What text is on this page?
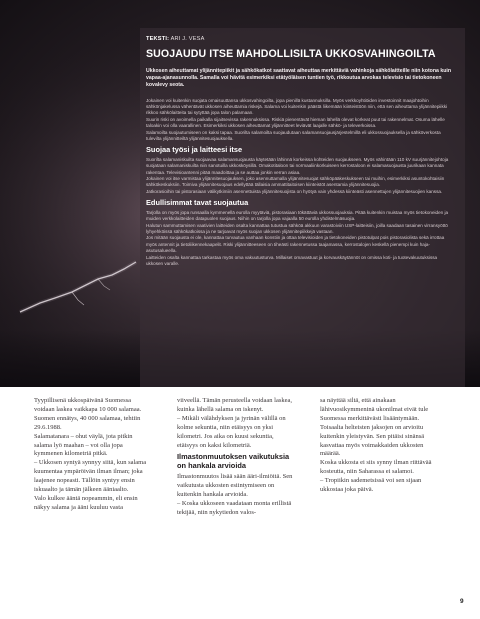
TEKSTI: ARI J. VESA
SUOJAUDU ITSE MAHDOLLISILTA UKKOSVAHINGOILTA
Ukkosen aiheuttamat ylijännitepiikit ja sähkökatkot saattavat aiheuttaa merkittäviä vahinkoja sähkölaitteille niin kotona kuin vapaa-ajanasunnolla. Samalla voi hävitä esimerkiksi etätyöläisen tuntien työ, rikkoutua arvokas televisio tai tietokoneen kovalevy seota.

Jokainen voi kuitenkin suojata omaisuuttansa ukkosvahingoilta, jopa pienillä kustannuksilla. Myös verkkoyhtiöiden investoinnit maajohtoihin sähkönjakelussa vähentävät ukkosen aiheuttamia riskejä. Salama voi kuitenkin päästä liikemään kiinteistöön niin, että sen aiheuttama ylijännitepiikki rikkoo sähkölaitteita tai sytyttää jopa talon palamaan.

Suurin riski on avoimella paikalla sijaitsevissa rakennuksissa. Riskiä pienentävät hieman lähellä olevat korkeat puut tai rakennelmat. Osuma lähelle taloakin voi olla vaarallinen. Esimerkiksi ukkosen aiheuttamat ylijännitteet leviävät laajalle sähkö- ja televerkoissa.

Salamoilta suojautumiseen on kaksi tapaa. Suorilta salamoilta suojaudutaan salamansuojausjärjestelmillä eli ukkossuojauksella ja sähköverkosta tulevilta ylijännitteiltä ylijännitesuojauksella.

Suojaa työsi ja laitteesi itse

Suorilta salamaniskuilta suojaavaa salamansuojausta käytetään lähinnä korkeissa kohteiden suojaukseen. Myös vähintään 110 kV suurjännitejohtoja suojataan salamaniskuilta niin sanotuilla ukkosköysillä. Omakotitaloon tai normaaliinkorkuiseen kerrostaloon ei salamasuojausta juurikaan kannata rakentaa. Televisioantenni pitää maadoittaa ja se auttaa jonkin verran asiaa.

Jokainen voi itse varmistaa ylijännitesuojauksen, joko asennuttamalla ylijännitesuojat sähköpääkeskukseen tai muihin, esimerkiksi asuntokohtaisiin sähkökeskuksiin. Toimiva ylijännitesuojaus edellyttää tällaisia ammattitaitoisen kiinteistöt asentamia ylijännitesuojia.

Jatkorasioihin tai pistorasiaan välikytkimiin asennettuista ylijännitesuojista on hyötyä vain yhdessä kiinteästi asennettujen ylijännitesuojien kanssa.

Edullisimmat tavat suojautua

Tarjolla on myös jopa runsaalla kymmenellä eurolla myytäviä, pistorasiaan tökättäviä ukkossuojauksia. Pitää kuitenkin muistaa myös tietokoneiden ja muiden verkkolaitteiden datapuolen suojaus. Niihin on tarjolla jopa vajaalla 50 eurolla yhdistelmäsuojia.

Halutun sammuttamisen vaativien laitteiden osalta kannattaa tutustua sähköä akkuun varastoiviin USP-laitteisiin, joilla saadaan tasainen virransyöttö lyhyehköissä sähkökatkoissa ja ne tarjoavat myös suojan ukkosen ylijännitepiikkejä vastaan.

Jos mitään suojausta ei ole, kannattaa turvautua vanhaan konstiin ja ottaa televisioiden ja tietokoneiden pistotulpat pois pistorasiolista sekä irrottaa myös antennit ja tietoliikennekaapelit. Riski ylijännitteeseen on tiheästi rakennetussa taajamassa, kerrostalojen keskellä pienempi kuin haja-asutusalueella.

Laitteiden osalta kannattaa tarkastaa myös oma vakuutusturva. Millaiset omavastuut ja korvauskäytännöt on omissa koti- ja tuotevakuutuksissa ukkosen varalle.

Tyypillisenä ukkospäivänä Suomessa voidaan laskea vaikkapa 10 000 salamaa. Suomen ennätys, 40 000 salamaa, tehtiin 29.6.1988.

Salamatanara – ohut väylä, jota pitkin salama lyö maahan – voi olla jopa kymmenen kilometriä pitkä.

– Ukkosen syntyä synnyy siitä, kun salama kuumentaa ympäröivän ilman ilman; joka laajenee nopeasti. Tällöin syntyy ensin iskuaalto ja tämän jälkeen ääniaalto.

Valo kulkee ääntä nopeammin, eli ensin näkyy salama ja ääni kuuluu vasta

viiveellä. Tämän perusteella voidaan laskea, kuinka lähellä salama on iskenyt.

– Mikäli välähdyksen ja jyrinän välillä on kolme sekuntia, niin etäisyys on yksi kilometri. Jos aika on kuusi sekuntia, etäisyys on kaksi kilometriä.

Ilmastonmuutoksen vaikutuksia on hankala arvioida

Ilmastonmuutos lisää sään ääri-ilmiöitä. Sen vaikutusta ukkosten esiintymiseen on kuitenkin hankala arvioida.

– Koska ukkoseen vaadataan monta erillistä tekijää, niin nykytiedon valos-

sa näyttää siltä, että ainakaan lähivuosikymmeninä ukonilmat eivät tule Suomessa merkittävästi lisääntymään.

Toisaalta helteisten jaksojen on arvioitu kuitenkin yleistyvän. Sen pitäisi sinänsä kasvattaa myös voimakkaiden ukkosten määrää.

Koska ukkosta ei siis synny ilman riittävää kosteutta, niin Saharassa ei salamoi.

– Tropiikin sademetsissä voi sen sijaan ukkostaa joka päivä.

9
